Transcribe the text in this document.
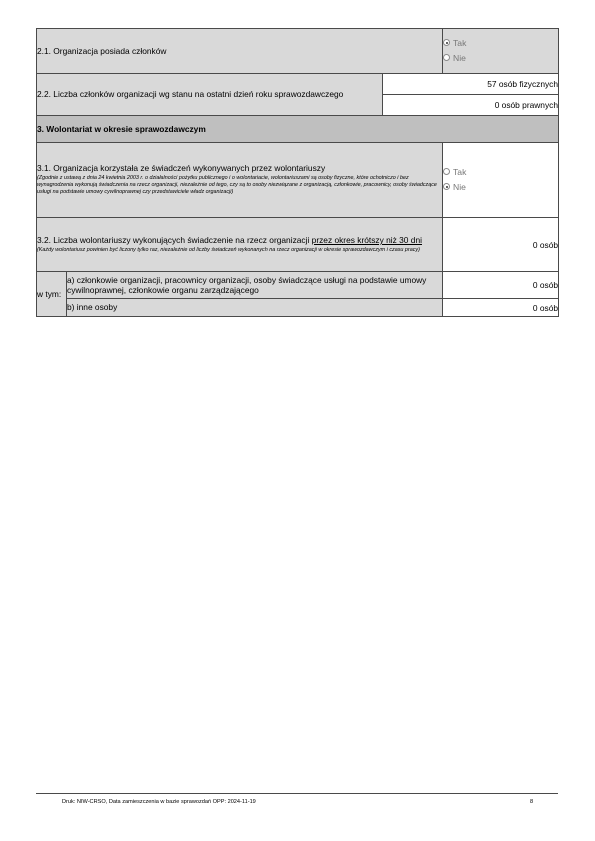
2.1. Organizacja posiada członków			Tak
Nie

2.2. Liczba członków organizacji wg stanu na ostatni dzień roku sprawozdawczego		57 osób fizycznych	
		0 osób prawnych	
3. Wolontariat w okresie sprawozdawczym			
3.1. Organizacja korzystała ze świadczeń wykonywanych przez wolontariuszy
(Zgodnie z ustawą z dnia 24 kwietnia 2003 r. o działalności pożytku publicznego i o wolontariacie, wolontariuszami są osoby fizyczne, które ochotniczo i bez wynagrodzenia wykonują świadczenia na rzecz organizacji, niezależnie od tego, czy są to osoby niezwiązane z organizacją, członkowie, pracownicy, osoby świadczące usługi na podstawie umowy cywilnoprawnej czy przedstawiciele władz organizacji)			Tak
Nie

3.2. Liczba wolontariuszy wykonujących świadczenie na rzecz organizacji przez okres krótszy niż 30 dni
(Każdy wolontariusz powinien być liczony tylko raz, niezależnie od liczby świadczeń wykonanych na rzecz organizacji w okresie sprawozdawczym i czasu pracy)			0 osób
w tym:	a) członkowie organizacji, pracownicy organizacji, osoby świadczące usługi na podstawie umowy cywilnoprawnej, członkowie organu zarządzającego		0 osób
	b) inne osoby		0 osób
Druk: NIW-CRSO, Data zamieszczenia w bazie sprawozdań OPP: 2024-11-19	8
